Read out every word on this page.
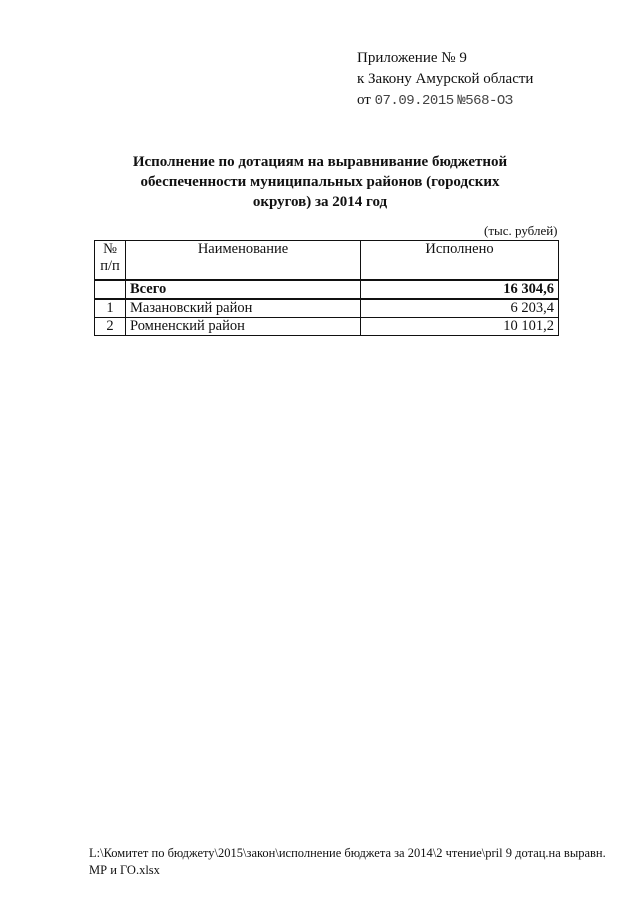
Приложение № 9
к Закону Амурской области
от 07.09.2015 №568-ОЗ
Исполнение по дотациям на выравнивание бюджетной обеспеченности муниципальных районов (городских округов) за 2014 год
(тыс. рублей)
№ п/п	Наименование	Исполнено
	Всего	16 304,6
1	Мазановский район	6 203,4
2	Ромненский район	10 101,2
L:\Комитет по бюджету\2015\закон\исполнение бюджета за 2014\2 чтение\pril 9 дотац.на выравн. МР и ГО.xlsx
